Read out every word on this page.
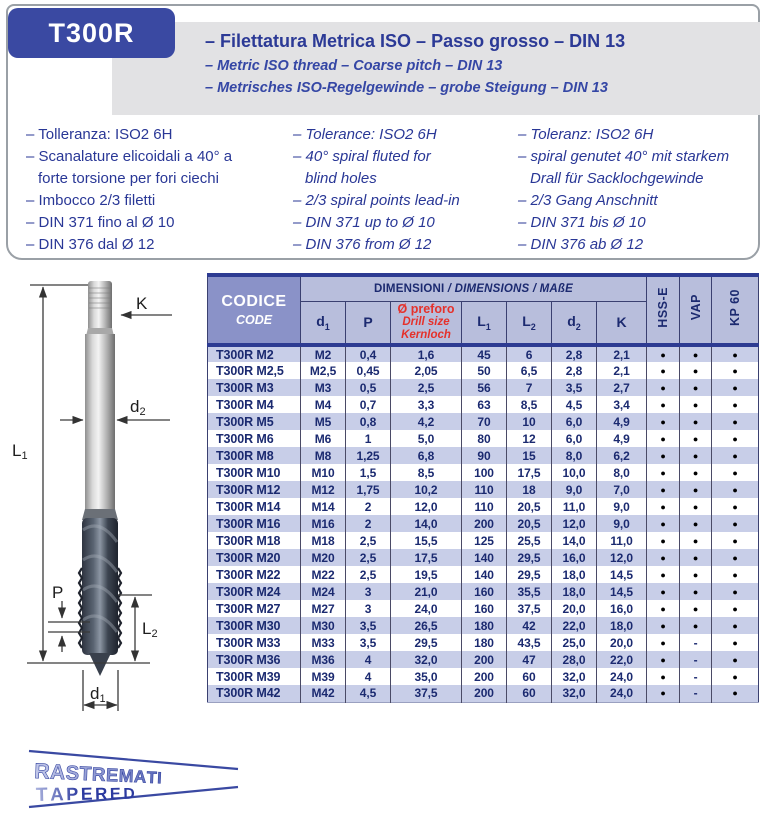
T300R	– Filettatura Metrica ISO – Passo grosso – DIN 13
– Metric ISO thread – Coarse pitch – DIN 13
– Metrisches ISO-Regelgewinde – grobe Steigung – DIN 13
– Tolleranza: ISO2 6H
– Scanalature elicoidali a 40° a
forte torsione per fori ciechi
– Imbocco 2/3 filetti
– DIN 371 fino al Ø 10
– DIN 376 dal Ø 12
– Tolerance: ISO2 6H
– 40° spiral fluted for
blind holes
– 2/3 spiral points lead-in
– DIN 371 up to Ø 10
– DIN 376 from Ø 12
– Toleranz: ISO2 6H
– spiral genutet 40° mit starkem
Drall für Sacklochgewinde
– 2/3 Gang Anschnitt
– DIN 371 bis Ø 10
– DIN 376 ab Ø 12
K
L1
d2
P
L2
d1
CODICE
CODE	DIMENSIONI / DIMENSIONS / MAßE							HSS-E	VAP	KP 60
	$d_1$	P	Ø preforo
Drill size
Kernloch	$L_1$	$L_2$	$d_2$	K			
T300R M2	M2	0,4	1,6	45	6	2,8	2,1	●	●	●
T300R M2,5	M2,5	0,45	2,05	50	6,5	2,8	2,1	●	●	●
T300R M3	M3	0,5	2,5	56	7	3,5	2,7	●	●	●
T300R M4	M4	0,7	3,3	63	8,5	4,5	3,4	●	●	●
T300R M5	M5	0,8	4,2	70	10	6,0	4,9	●	●	●
T300R M6	M6	1	5,0	80	12	6,0	4,9	●	●	●
T300R M8	M8	1,25	6,8	90	15	8,0	6,2	●	●	●
T300R M10	M10	1,5	8,5	100	17,5	10,0	8,0	●	●	●
T300R M12	M12	1,75	10,2	110	18	9,0	7,0	●	●	●
T300R M14	M14	2	12,0	110	20,5	11,0	9,0	●	●	●
T300R M16	M16	2	14,0	200	20,5	12,0	9,0	●	●	●
T300R M18	M18	2,5	15,5	125	25,5	14,0	11,0	●	●	●
T300R M20	M20	2,5	17,5	140	29,5	16,0	12,0	●	●	●
T300R M22	M22	2,5	19,5	140	29,5	18,0	14,5	●	●	●
T300R M24	M24	3	21,0	160	35,5	18,0	14,5	●	●	●
T300R M27	M27	3	24,0	160	37,5	20,0	16,0	●	●	●
T300R M30	M30	3,5	26,5	180	42	22,0	18,0	●	●	●
T300R M33	M33	3,5	29,5	180	43,5	25,0	20,0	●	-	●
T300R M36	M36	4	32,0	200	47	28,0	22,0	●	-	●
T300R M39	M39	4	35,0	200	60	32,0	24,0	●	-	●
T300R M42	M42	4,5	37,5	200	60	32,0	24,0	●	-	●
RASTREMATI
T A P E R E D
